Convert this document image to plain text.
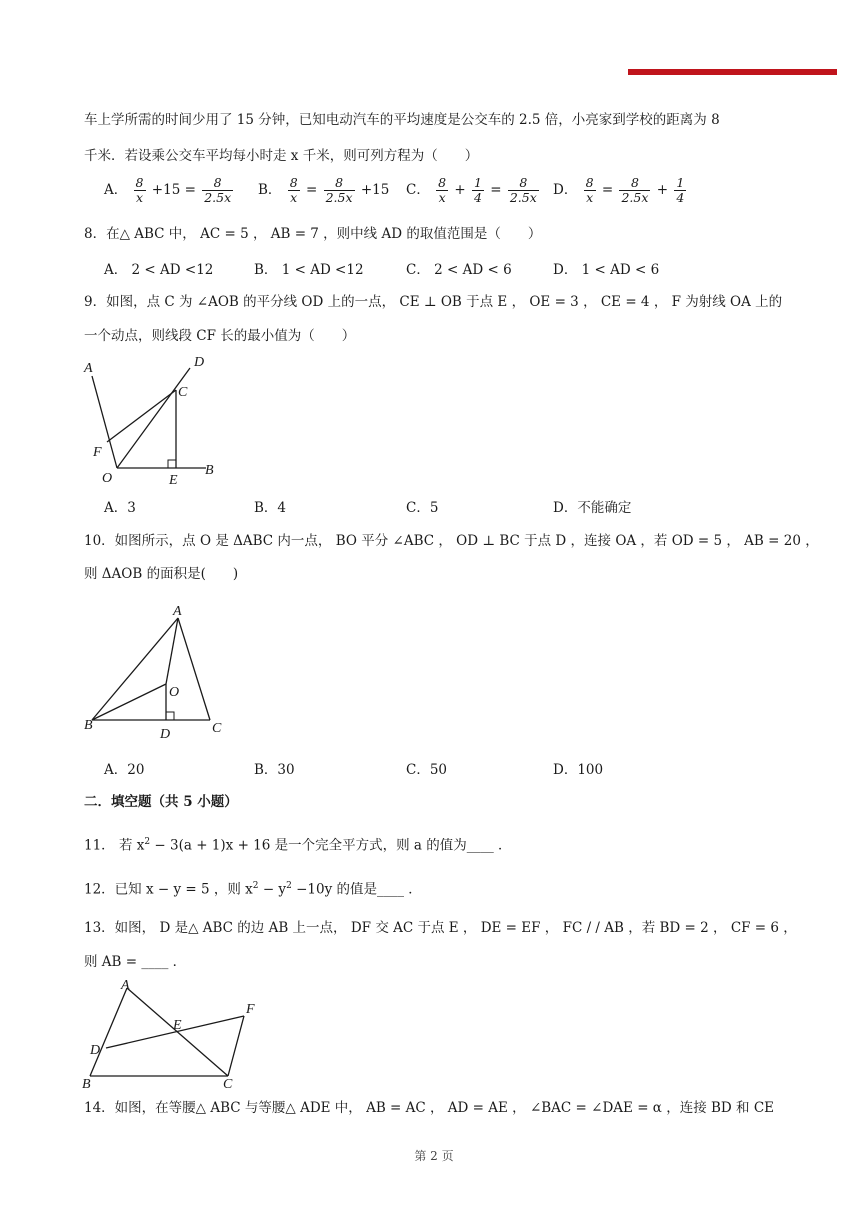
车上学所需的时间少用了 15 分钟，已知电动汽车的平均速度是公交车的 2.5 倍，小亮家到学校的距离为 8
千米．若设乘公交车平均每小时走 x 千米，则可列方程为（　　）
A． $\frac{8}{x} +15 = \frac{8}{2.5x}$ B． $\frac{8}{x} = \frac{8}{2.5x} +15$ C． $\frac{8}{x} + \frac{1}{4} = \frac{8}{2.5x}$ D． $\frac{8}{x} = \frac{8}{2.5x} + \frac{1}{4}$
8．在△ ABC 中， AC = 5 ， AB = 7 ，则中线 AD 的取值范围是（　　）
A． 2 < AD <12	B． 1 < AD <12	C． 2 < AD < 6	D． 1 < AD < 6
9．如图，点 C 为 ∠AOB 的平分线 OD 上的一点， CE ⊥ OB 于点 E ， OE = 3 ， CE = 4 ， F 为射线 OA 上的
一个动点，则线段 CF 长的最小值为（　　）
A	D
C
F
O	E
B
A．3	B．4	C．5	D．不能确定
10．如图所示，点 O 是 ΔABC 内一点， BO 平分 ∠ABC ， OD ⊥ BC 于点 D ，连接 OA ，若 OD = 5 ， AB = 20 ，
则 ΔAOB 的面积是(　　)
A
O
B
D	C
A．20	B．30	C．50	D．100
二．填空题（共 5 小题）
11． 若 $x^2 - 3(a + 1)x + 16$ 是一个完全平方式，则 a 的值为____ ．
12．已知 x − y = 5 ，则 $x^2 - y^2 -10y$ 的值是____ ．
13．如图， D 是△ ABC 的边 AB 上一点， DF 交 AC 于点 E ， DE = EF ， FC / / AB ，若 BD = 2 ， CF = 6 ，
则 AB = ____ ．
A
F
E
D
B	C
14．如图，在等腰△ ABC 与等腰△ ADE 中， AB = AC ， AD = AE ， ∠BAC = ∠DAE = α ，连接 BD 和 CE
第 2 页
